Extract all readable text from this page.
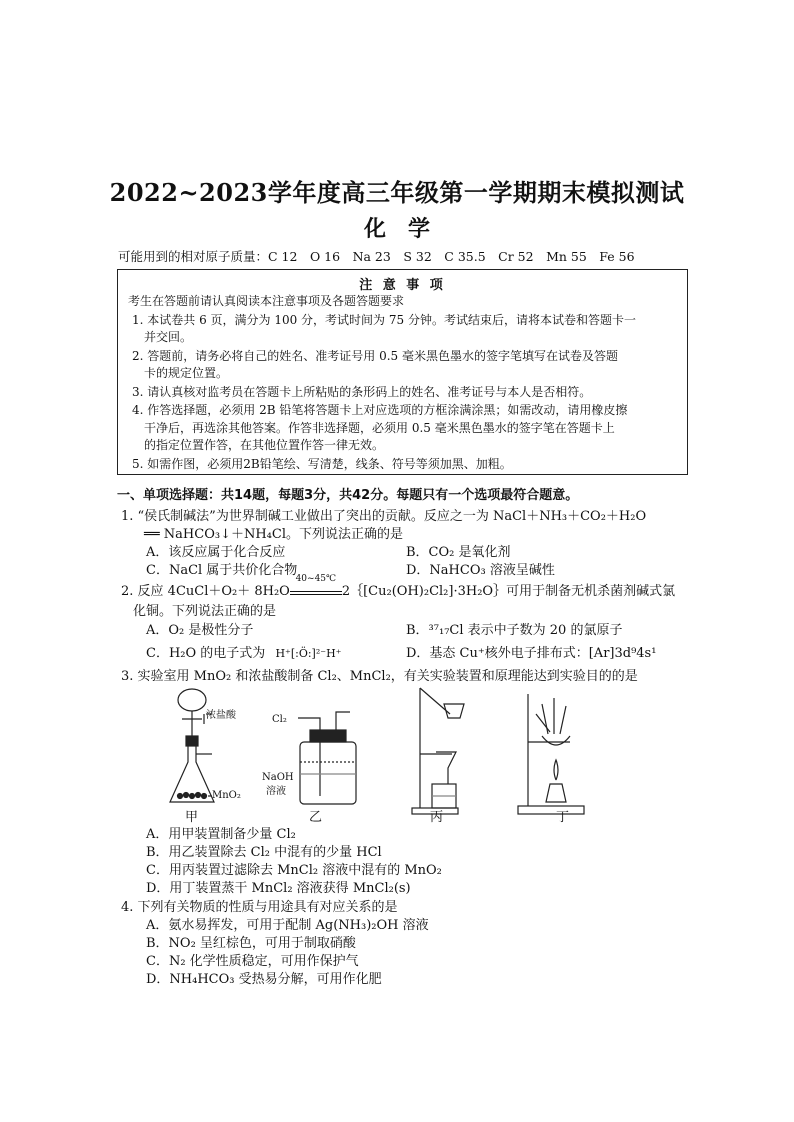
2022~2023学年度高三年级第一学期期末模拟测试
化　学
可能用到的相对原子质量：C 12　O 16　Na 23　S 32　C 35.5　Cr 52　Mn 55　Fe 56
注 意 事 项
考生在答题前请认真阅读本注意事项及各题答题要求
1. 本试卷共 6 页，满分为 100 分，考试时间为 75 分钟。考试结束后，请将本试卷和答题卡一
　并交回。
2. 答题前，请务必将自己的姓名、准考证号用 0.5 毫米黑色墨水的签字笔填写在试卷及答题
　卡的规定位置。
3. 请认真核对监考员在答题卡上所粘贴的条形码上的姓名、准考证号与本人是否相符。
4. 作答选择题，必须用 2B 铅笔将答题卡上对应选项的方框涂满涂黑；如需改动，请用橡皮擦
　干净后，再选涂其他答案。作答非选择题，必须用 0.5 毫米黑色墨水的签字笔在答题卡上
　的指定位置作答，在其他位置作答一律无效。
5. 如需作图，必须用2B铅笔绘、写清楚，线条、符号等须加黑、加粗。
一、单项选择题：共14题，每题3分，共42分。每题只有一个选项最符合题意。
1. “侯氏制碱法”为世界制碱工业做出了突出的贡献。反应之一为 NaCl＋NH₃＋CO₂＋H₂O
══ NaHCO₃↓＋NH₄Cl。下列说法正确的是
A．该反应属于化合反应	B．CO₂ 是氧化剂
C．NaCl 属于共价化合物	D．NaHCO₃ 溶液呈碱性
2. 反应 4CuCl＋O₂＋ 8H₂O
40~45℃
2｛[Cu₂(OH)₂Cl₂]·3H₂O｝可用于制备无机杀菌剂碱式氯
化铜。下列说法正确的是
A．O₂ 是极性分子	B．³⁷₁₇Cl 表示中子数为 20 的氯原子
C．H₂O 的电子式为 H⁺[:Ö:]²⁻H⁺	D．基态 Cu⁺核外电子排布式：[Ar]3d⁹4s¹
3. 实验室用 MnO₂ 和浓盐酸制备 Cl₂、MnCl₂，有关实验装置和原理能达到实验目的的是
浓盐酸
MnO₂
Cl₂
NaOH
溶液
甲	乙	丙	丁
A．用甲装置制备少量 Cl₂
B．用乙装置除去 Cl₂ 中混有的少量 HCl
C．用丙装置过滤除去 MnCl₂ 溶液中混有的 MnO₂
D．用丁装置蒸干 MnCl₂ 溶液获得 MnCl₂(s)
4. 下列有关物质的性质与用途具有对应关系的是
A．氨水易挥发，可用于配制 Ag(NH₃)₂OH 溶液
B．NO₂ 呈红棕色，可用于制取硝酸
C．N₂ 化学性质稳定，可用作保护气
D．NH₄HCO₃ 受热易分解，可用作化肥
